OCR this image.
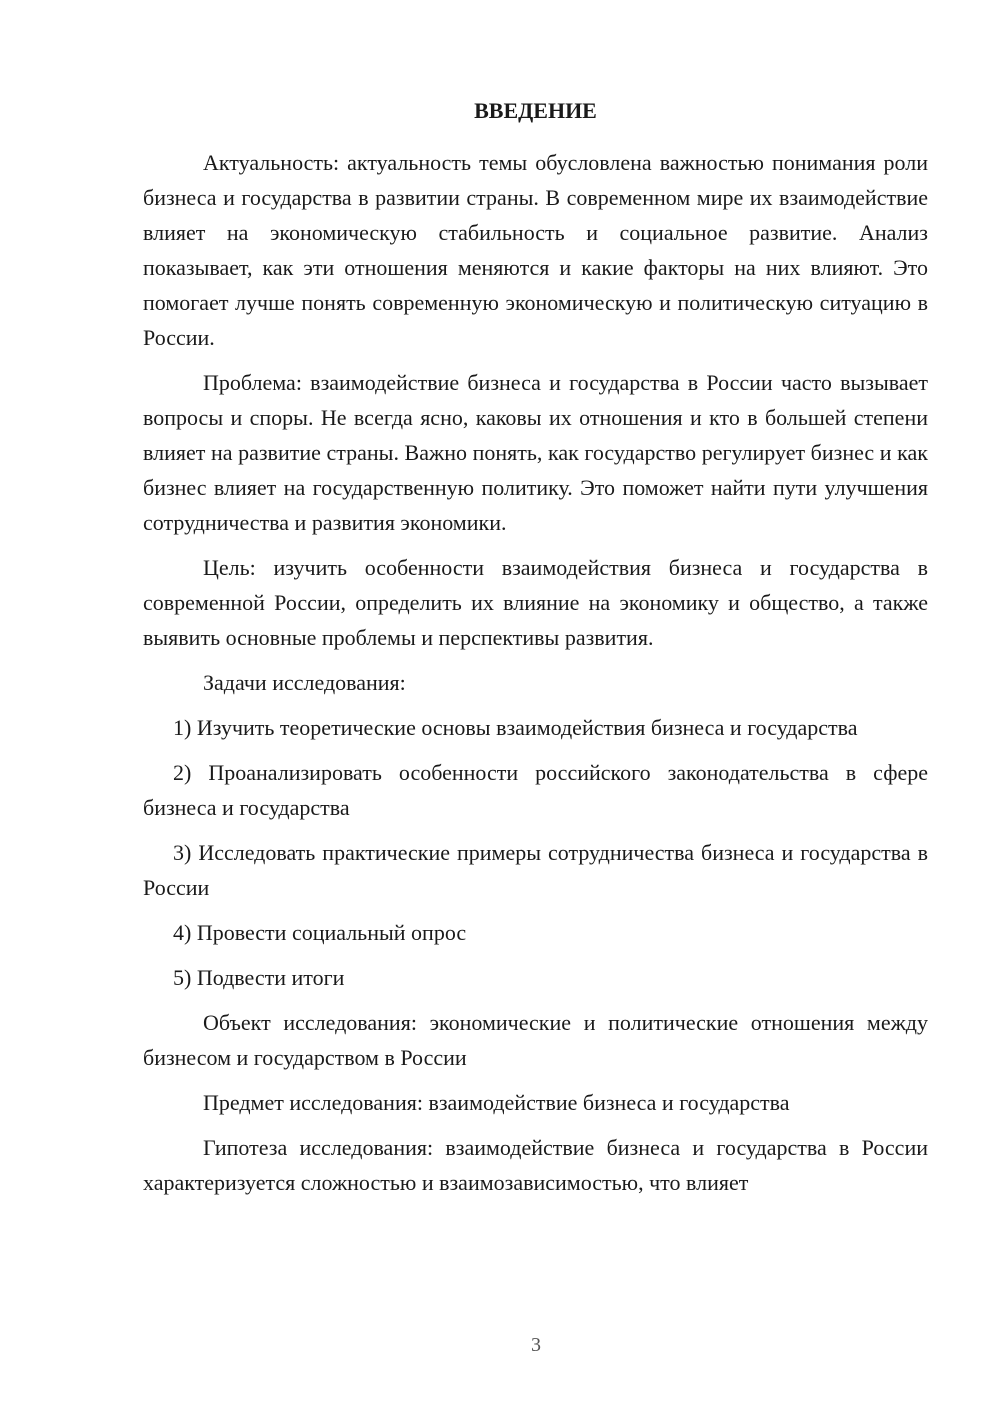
ВВЕДЕНИЕ

Актуальность: актуальность темы обусловлена важностью понимания роли бизнеса и государства в развитии страны. В современном мире их взаимодействие влияет на экономическую стабильность и социальное развитие. Анализ показывает, как эти отношения меняются и какие факторы на них влияют. Это помогает лучше понять современную экономическую и политическую ситуацию в России.

Проблема: взаимодействие бизнеса и государства в России часто вызывает вопросы и споры. Не всегда ясно, каковы их отношения и кто в большей степени влияет на развитие страны. Важно понять, как государство регулирует бизнес и как бизнес влияет на государственную политику. Это поможет найти пути улучшения сотрудничества и развития экономики.

Цель: изучить особенности взаимодействия бизнеса и государства в современной России, определить их влияние на экономику и общество, а также выявить основные проблемы и перспективы развития.

Задачи исследования:

1) Изучить теоретические основы взаимодействия бизнеса и государства

2) Проанализировать особенности российского законодательства в сфере бизнеса и государства

3) Исследовать практические примеры сотрудничества бизнеса и государства в России

4) Провести социальный опрос

5) Подвести итоги

Объект исследования: экономические и политические отношения между бизнесом и государством в России

Предмет исследования: взаимодействие бизнеса и государства

Гипотеза исследования: взаимодействие бизнеса и государства в России характеризуется сложностью и взаимозависимостью, что влияет

3
